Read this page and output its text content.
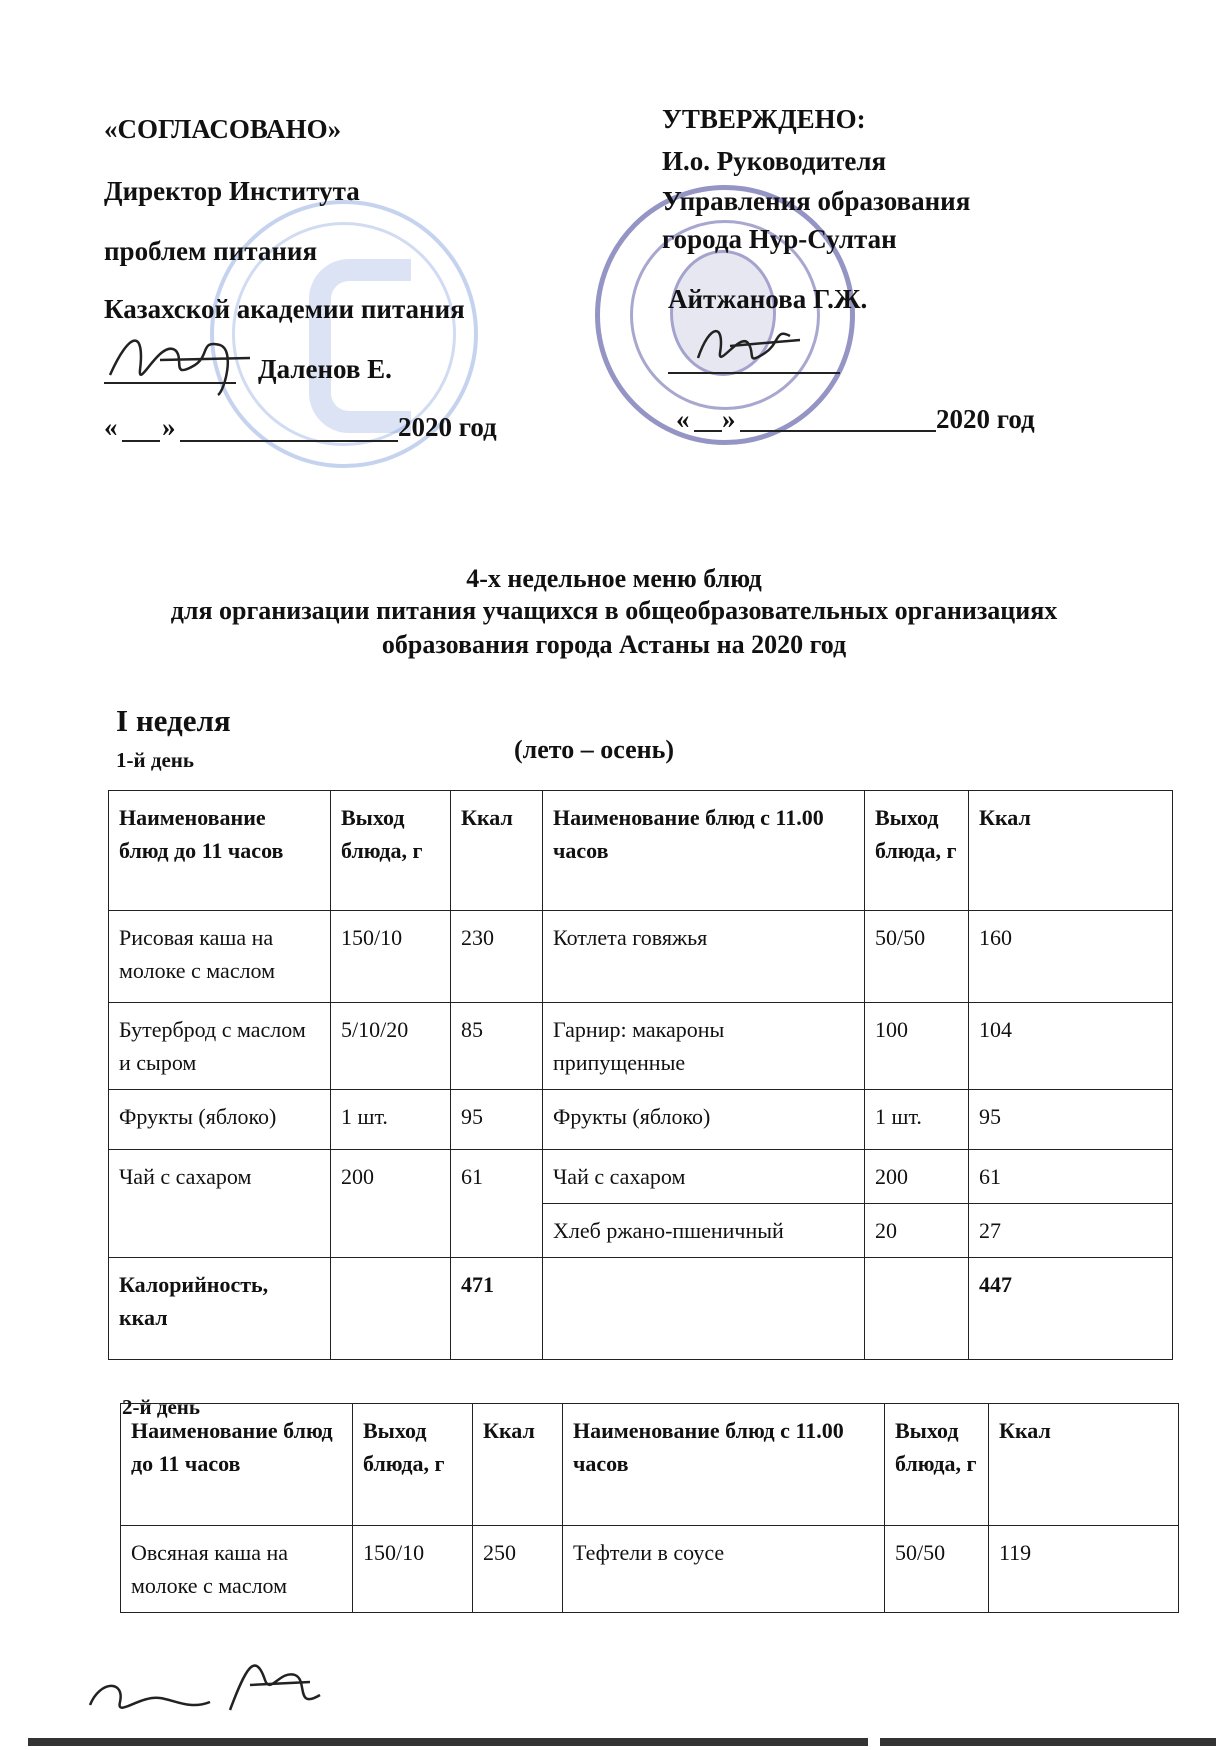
«СОГЛАСОВАНО»
Директор Института
проблем питания
Казахской академии питания
Даленов Е.
« »	2020 год
УТВЕРЖДЕНО:
И.о. Руководителя
Управления образования
города Нур-Султан
Айтжанова Г.Ж.
« »	2020 год
4-х недельное меню блюд
для организации питания учащихся в общеобразовательных организациях
образования города Астаны на 2020 год
I неделя
1-й день	(лето – осень)
Наименование блюд до 11 часов	Выход блюда, г	Ккал	Наименование блюд с 11.00 часов	Выход блюда, г	Ккал
Рисовая каша на молоке с маслом	150/10	230	Котлета говяжья	50/50	160
Бутерброд с маслом и сыром	5/10/20	85	Гарнир: макароны припущенные	100	104
Фрукты (яблоко)	1 шт.	95	Фрукты (яблоко)	1 шт.	95
Чай с сахаром	200	61	Чай с сахаром	200	61
			Хлеб ржано-пшеничный	20	27
Калорийность, ккал		471			447
2-й день
Наименование блюд до 11 часов	Выход блюда, г	Ккал	Наименование блюд с 11.00 часов	Выход блюда, г	Ккал
Овсяная каша на молоке с маслом	150/10	250	Тефтели в соусе	50/50	119
